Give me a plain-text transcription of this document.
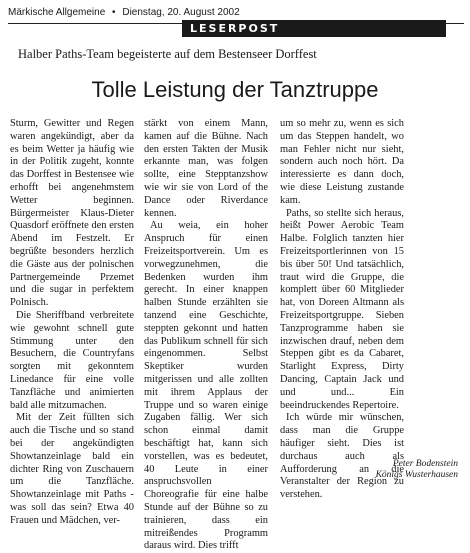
Märkische Allgemeine • Dienstag, 20. August 2002
LESERPOST
Halber Paths-Team begeisterte auf dem Bestenseer Dorffest
Tolle Leistung der Tanztruppe

Sturm, Gewitter und Regen waren angekündigt, aber da es beim Wetter ja häufig wie in der Politik zugeht, konnte das Dorffest in Bestensee wie erhofft bei angenehmstem Wetter beginnen. Bürgermeister Klaus-Dieter Quasdorf eröffnete den ersten Abend im Festzelt. Er begrüßte besonders herzlich die Gäste aus der polnischen Partnergemeinde Przemet und die sugar in perfektem Polnisch.

Die Sheriffband verbreitete wie gewohnt schnell gute Stimmung unter den Besuchern, die Countryfans sorgten mit gekonntem Linedance für eine volle Tanzfläche und animierten bald alle mitzumachen.

Mit der Zeit füllten sich auch die Tische und so stand bei der angekündigten Showtanzeinlage bald ein dichter Ring von Zuschauern um die Tanzfläche. Showtanzeinlage mit Paths - was soll das sein? Etwa 40 Frauen und Mädchen, ver-

stärkt von einem Mann, kamen auf die Bühne. Nach den ersten Takten der Musik erkannte man, was folgen sollte, eine Stepptanzshow wie wir sie von Lord of the Dance oder Riverdance kennen.

Au weia, ein hoher Anspruch für einen Freizeitsportverein. Um es vorwegzunehmen, die Bedenken wurden ihm gerecht. In einer knappen halben Stunde erzählten sie tanzend eine Geschichte, steppten gekonnt und hatten das Publikum schnell für sich eingenommen. Selbst Skeptiker wurden mitgerissen und alle zollten mit ihrem Applaus der Truppe und so waren einige Zugaben fällig. Wer sich schon einmal damit beschäftigt hat, kann sich vorstellen, was es bedeutet, 40 Leute in einer anspruchsvollen Choreografie für eine halbe Stunde auf der Bühne so zu trainieren, dass ein mitreißendes Programm daraus wird. Dies trifft

um so mehr zu, wenn es sich um das Steppen handelt, wo man Fehler nicht nur sieht, sondern auch noch hört. Da interessierte es dann doch, wie diese Leistung zustande kam.

Paths, so stellte sich heraus, heißt Power Aerobic Team Halbe. Folglich tanzten hier Freizeitsportlerinnen von 15 bis über 50! Und tatsächlich, traut wird die Gruppe, die komplett über 60 Mitglieder hat, von Doreen Altmann als Freizeitsportgruppe. Sieben Tanzprogramme haben sie inzwischen drauf, neben dem Steppen gibt es da Cabaret, Starlight Express, Dirty Dancing, Captain Jack und und und... Ein beeindruckendes Repertoire.

Ich würde mir wünschen, dass man die Gruppe häufiger sieht. Dies ist durchaus auch als Aufforderung an die Veranstalter der Region zu verstehen.

Peter Bodenstein
Königs Wusterhausen
